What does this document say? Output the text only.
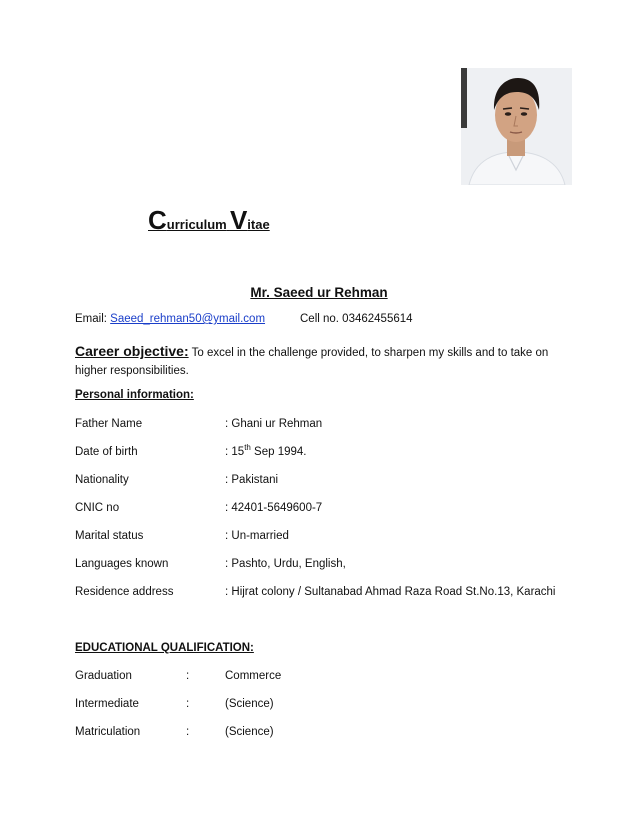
Curriculum Vitae
Mr. Saeed ur Rehman
Email: Saeed_rehman50@ymail.com	Cell no. 03462455614
Career objective: To excel in the challenge provided, to sharpen my skills and to take on higher responsibilities.
Personal information:
Father Name	: Ghani ur Rehman
Date of birth	: 15th Sep 1994.
Nationality	: Pakistani
CNIC no	: 42401-5649600-7
Marital status	: Un-married
Languages known	: Pashto, Urdu, English,
Residence address	: Hijrat colony / Sultanabad Ahmad Raza Road St.No.13, Karachi
EDUCATIONAL QUALIFICATION:
Graduation	:	Commerce
Intermediate	:	(Science)
Matriculation	:	(Science)
